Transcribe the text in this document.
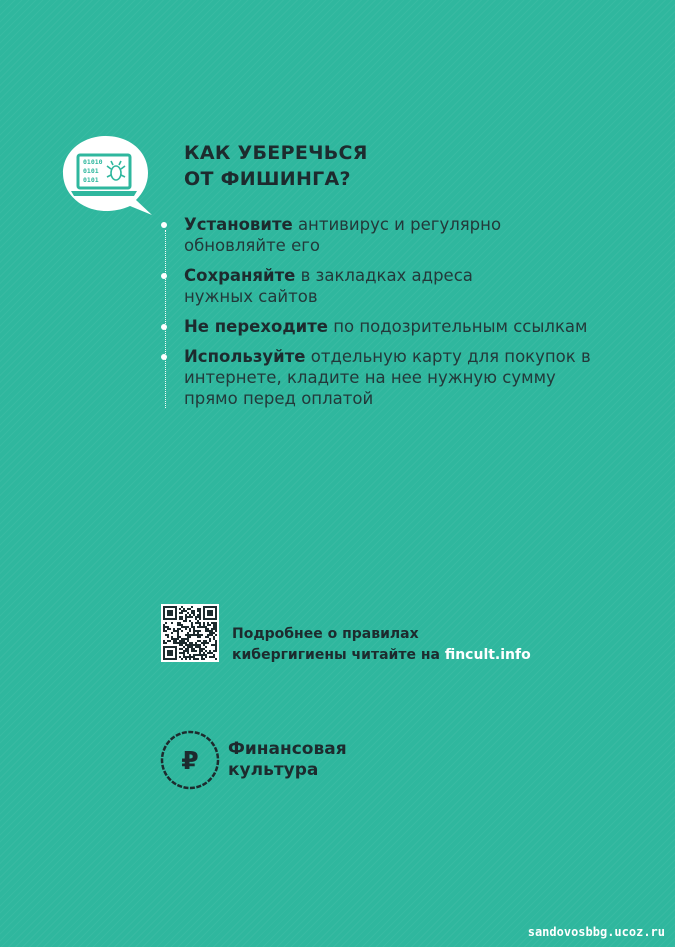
01010
0101
0101
КАК УБЕРЕЧЬСЯ
ОТ ФИШИНГА?
Установите антивирус и регулярно обновляйте его
Сохраняйте в закладках адреса нужных сайтов
Не переходите по подозрительным ссылкам
Используйте отдельную карту для покупок в интернете, кладите на нее нужную сумму прямо перед оплатой
Подробнее о правилах
кибергигиены читайте на fincult.info
₽ Финансовая
культура
sandovosbbg.ucoz.ru
